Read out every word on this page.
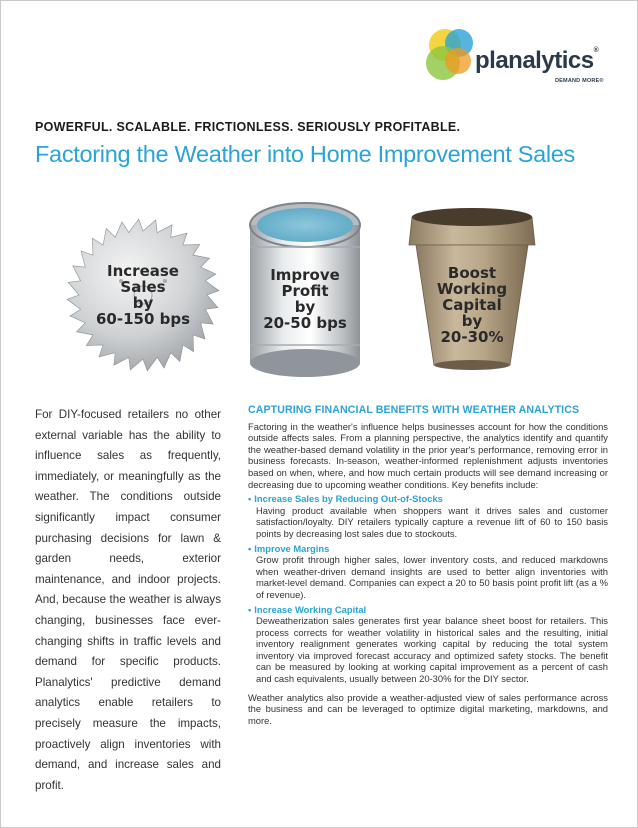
planalytics®
DEMAND MORE®
POWERFUL. SCALABLE. FRICTIONLESS. SERIOUSLY PROFITABLE.
Factoring the Weather into Home Improvement Sales
Increase
Sales
by
60-150 bps
Improve
Profit
by
20-50 bps
Boost
Working
Capital
by
20-30%
For DIY-focused retailers no other external variable has the ability to influence sales as frequently, immediately, or meaningfully as the weather. The conditions outside significantly impact consumer purchasing decisions for lawn & garden needs, exterior maintenance, and indoor projects. And, because the weather is always changing, businesses face ever-changing shifts in traffic levels and demand for specific products. Planalytics' predictive demand analytics enable retailers to precisely measure the impacts, proactively align inventories with demand, and increase sales and profit.
CAPTURING FINANCIAL BENEFITS WITH WEATHER ANALYTICS

Factoring in the weather's influence helps businesses account for how the conditions outside affects sales. From a planning perspective, the analytics identify and quantify the weather-based demand volatility in the prior year's performance, removing error in business forecasts. In-season, weather-informed replenishment adjusts inventories based on when, where, and how much certain products will see demand increasing or decreasing due to upcoming weather conditions. Key benefits include:

• Increase Sales by Reducing Out-of-Stocks

Having product available when shoppers want it drives sales and customer satisfaction/loyalty. DIY retailers typically capture a revenue lift of 60 to 150 basis points by decreasing lost sales due to stockouts.

• Improve Margins

Grow profit through higher sales, lower inventory costs, and reduced markdowns when weather-driven demand insights are used to better align inventories with market-level demand. Companies can expect a 20 to 50 basis point profit lift (as a % of revenue).

• Increase Working Capital

Deweatherization sales generates first year balance sheet boost for retailers. This process corrects for weather volatility in historical sales and the resulting, initial inventory realignment generates working capital by reducing the total system inventory via improved forecast accuracy and optimized safety stocks. The benefit can be measured by looking at working capital improvement as a percent of cash and cash equivalents, usually between 20-30% for the DIY sector.

Weather analytics also provide a weather-adjusted view of sales performance across the business and can be leveraged to optimize digital marketing, markdowns, and more.
